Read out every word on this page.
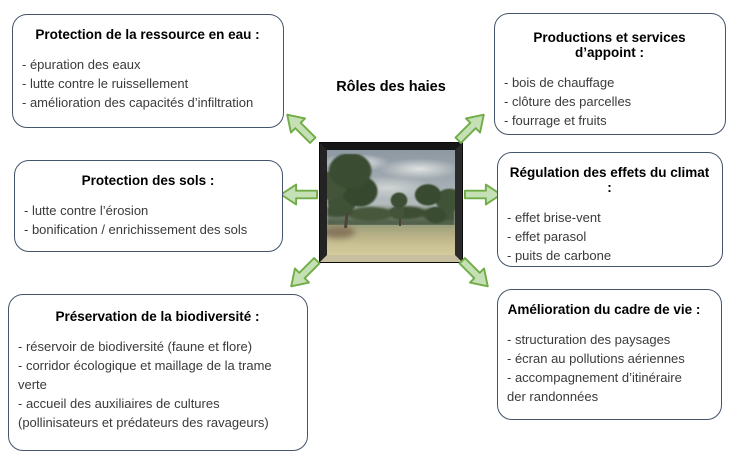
Rôles des haies
Protection de la ressource en eau :
- épuration des eaux
- lutte contre le ruissellement
- amélioration des capacités d’infiltration
Productions et services d’appoint :
- bois de chauffage
- clôture des parcelles
- fourrage et fruits
Protection des sols :
- lutte contre l’érosion
- bonification / enrichissement des sols
Régulation des effets du climat :
- effet brise-vent
- effet parasol
- puits de carbone
Préservation de la biodiversité :
- réservoir de biodiversité (faune et flore)
- corridor écologique et maillage de la trame verte
- accueil des auxiliaires de cultures (pollinisateurs et prédateurs des ravageurs)
Amélioration du cadre de vie :
- structuration des paysages
- écran au pollutions aériennes
- accompagnement d’itinéraire der randonnées
